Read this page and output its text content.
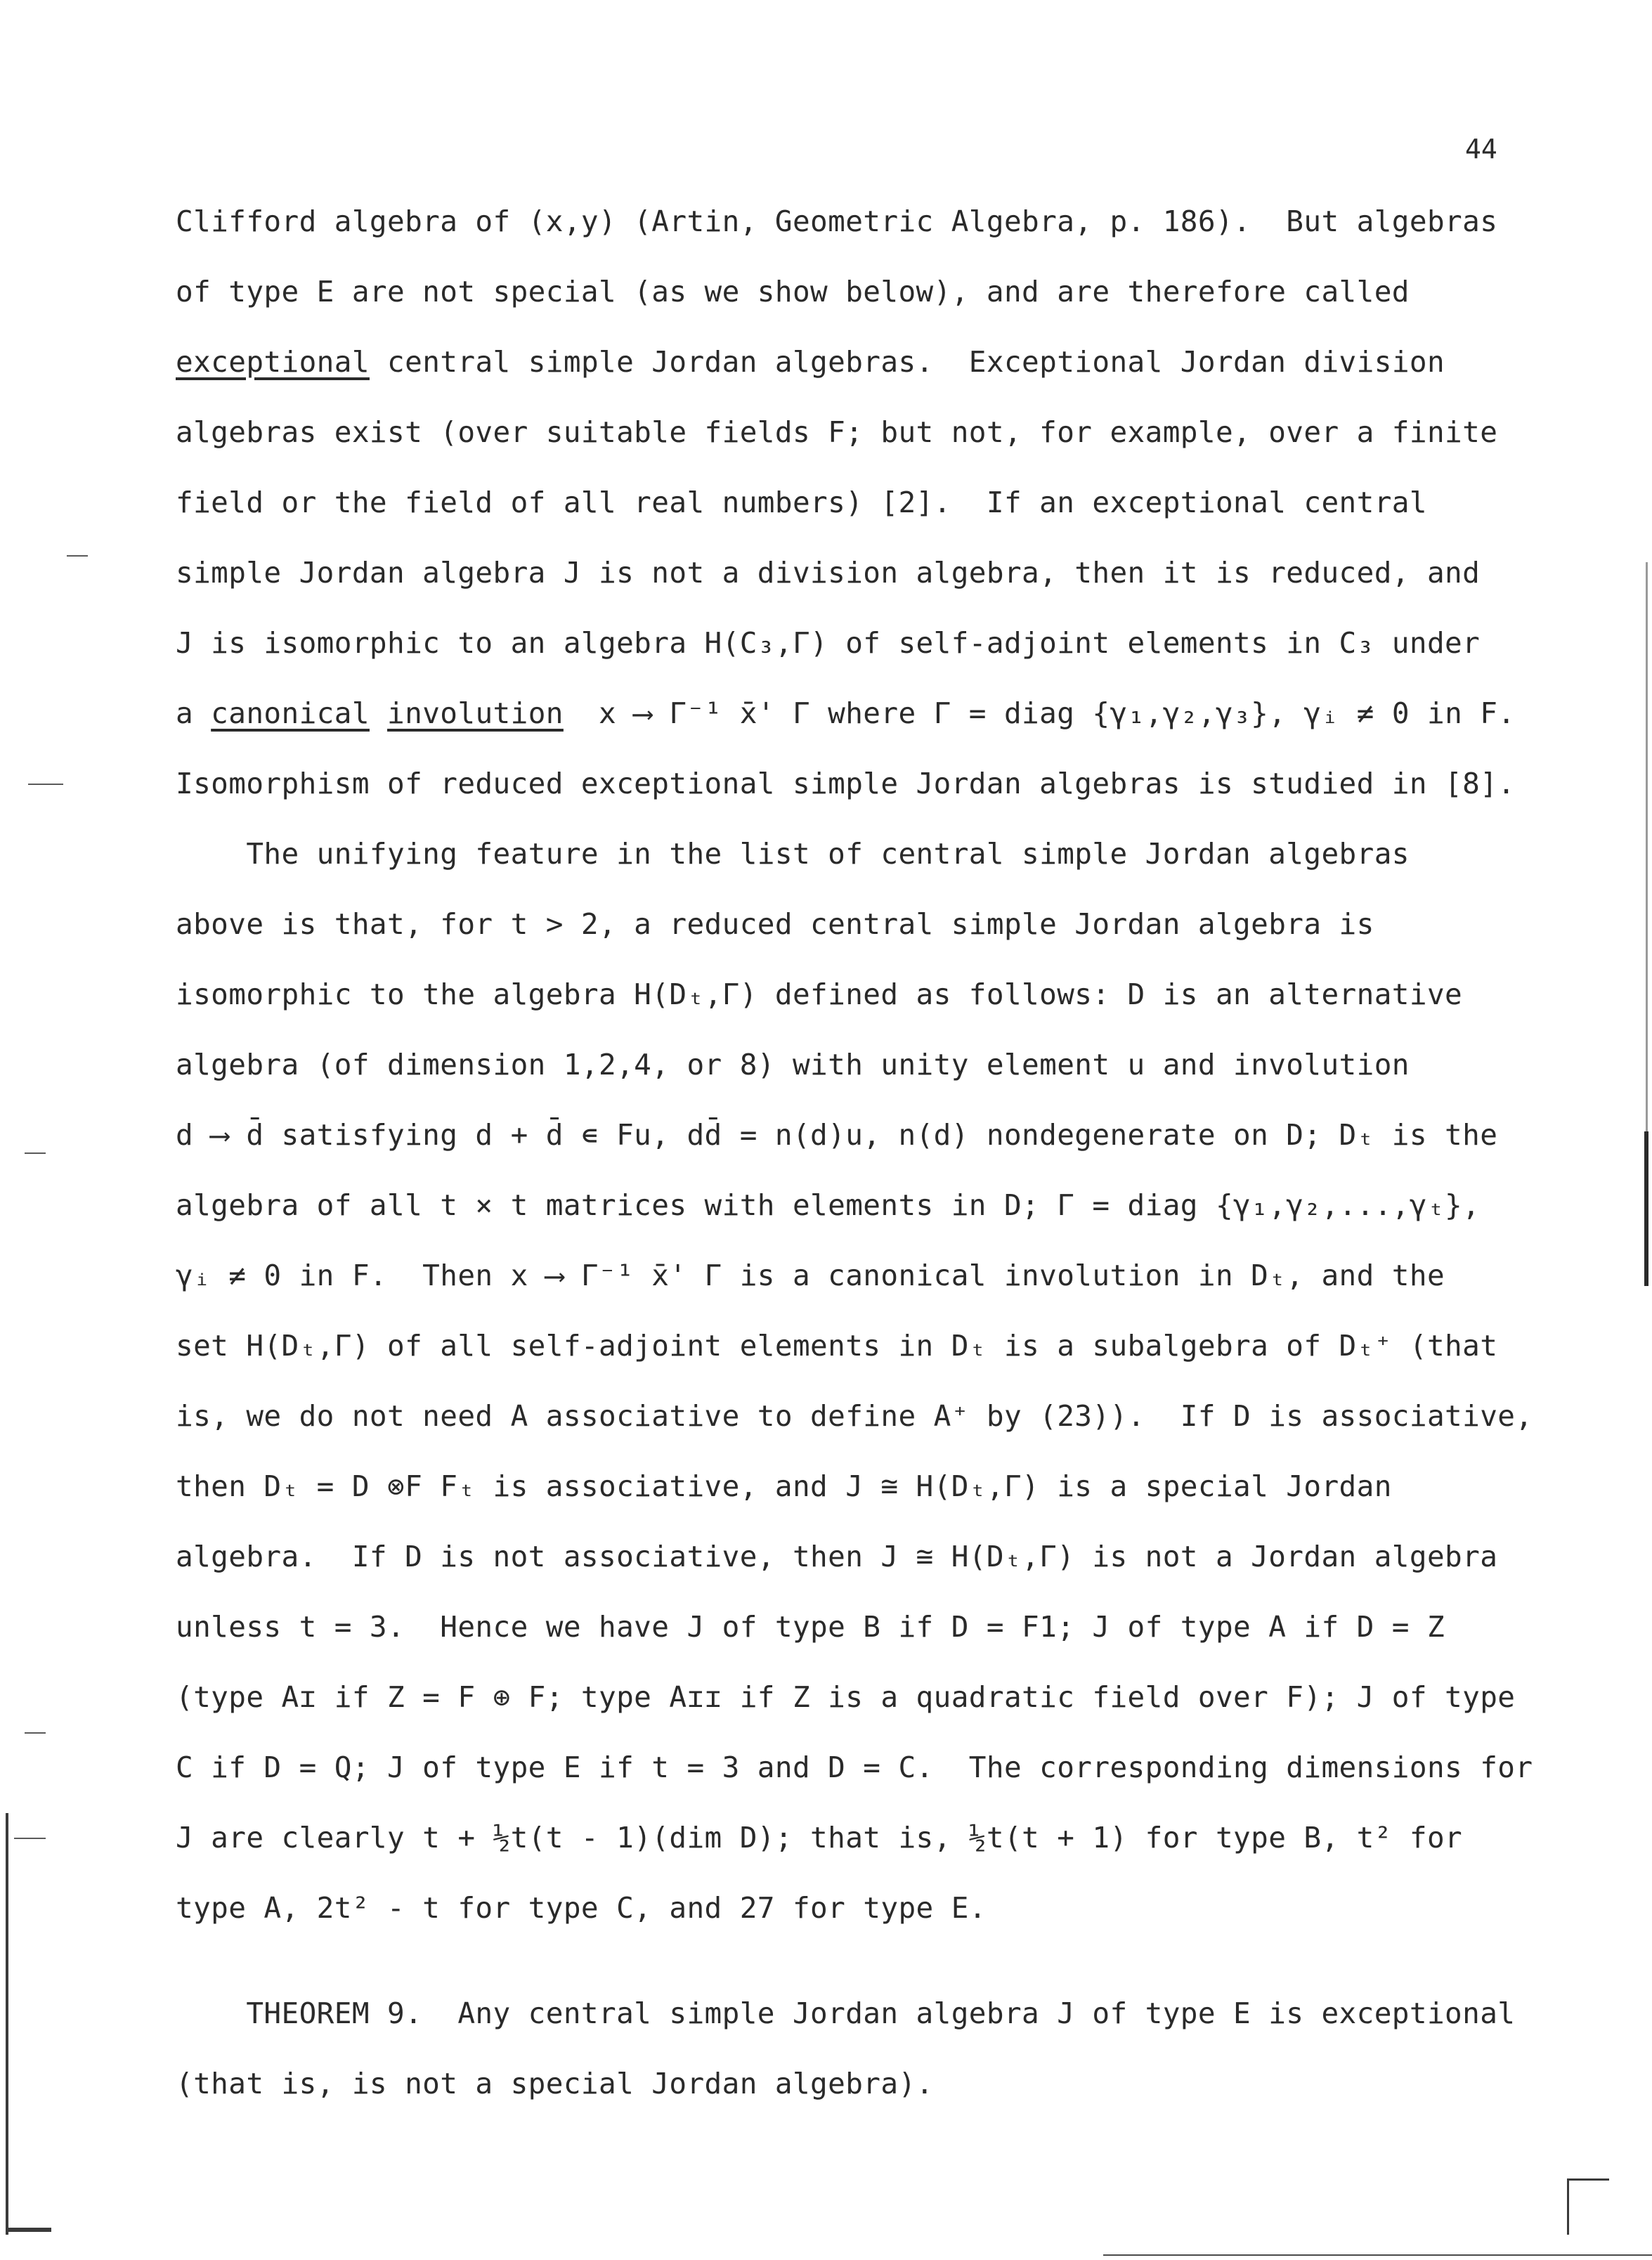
44
Clifford algebra of (x,y) (Artin, Geometric Algebra, p. 186).  But algebras
of type E are not special (as we show below), and are therefore called
exceptional central simple Jordan algebras.  Exceptional Jordan division
algebras exist (over suitable fields F; but not, for example, over a finite
field or the field of all real numbers) [2].  If an exceptional central
simple Jordan algebra J is not a division algebra, then it is reduced, and
J is isomorphic to an algebra H(C₃,Γ) of self-adjoint elements in C₃ under
a canonical involution  x ⟶ Γ⁻¹ x̄' Γ where Γ = diag {γ₁,γ₂,γ₃}, γᵢ ≠ 0 in F.
Isomorphism of reduced exceptional simple Jordan algebras is studied in [8].
The unifying feature in the list of central simple Jordan algebras
above is that, for t > 2, a reduced central simple Jordan algebra is
isomorphic to the algebra H(Dₜ,Γ) defined as follows: D is an alternative
algebra (of dimension 1,2,4, or 8) with unity element u and involution
d ⟶ d̄ satisfying d + d̄ ∊ Fu, dd̄ = n(d)u, n(d) nondegenerate on D; Dₜ is the
algebra of all t × t matrices with elements in D; Γ = diag {γ₁,γ₂,...,γₜ},
γᵢ ≠ 0 in F.  Then x ⟶ Γ⁻¹ x̄' Γ is a canonical involution in Dₜ, and the
set H(Dₜ,Γ) of all self-adjoint elements in Dₜ is a subalgebra of Dₜ⁺ (that
is, we do not need A associative to define A⁺ by (23)).  If D is associative,
then Dₜ = D ⊗F Fₜ is associative, and J ≅ H(Dₜ,Γ) is a special Jordan
algebra.  If D is not associative, then J ≅ H(Dₜ,Γ) is not a Jordan algebra
unless t = 3.  Hence we have J of type B if D = F1; J of type A if D = Z
(type Aɪ if Z = F ⊕ F; type Aɪɪ if Z is a quadratic field over F); J of type
C if D = Q; J of type E if t = 3 and D = C.  The corresponding dimensions for
J are clearly t + ½t(t - 1)(dim D); that is, ½t(t + 1) for type B, t² for
type A, 2t² - t for type C, and 27 for type E.
THEOREM 9.  Any central simple Jordan algebra J of type E is exceptional
(that is, is not a special Jordan algebra).
